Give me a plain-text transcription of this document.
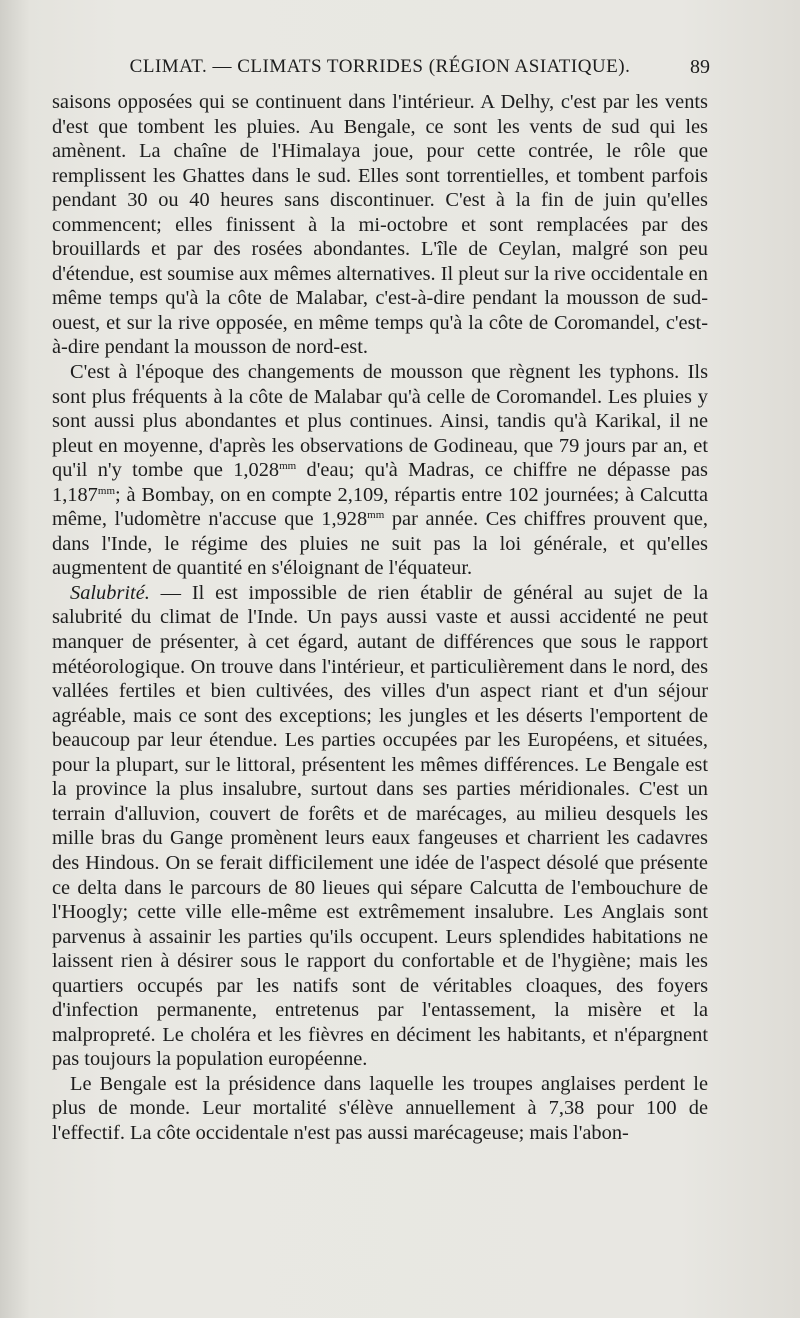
CLIMAT. — CLIMATS TORRIDES (RÉGION ASIATIQUE).	89

saisons opposées qui se continuent dans l'intérieur. A Delhy, c'est par les vents d'est que tombent les pluies. Au Bengale, ce sont les vents de sud qui les amènent. La chaîne de l'Himalaya joue, pour cette contrée, le rôle que remplissent les Ghattes dans le sud. Elles sont torrentielles, et tombent parfois pendant 30 ou 40 heures sans discontinuer. C'est à la fin de juin qu'elles commencent; elles finissent à la mi-octobre et sont remplacées par des brouillards et par des rosées abondantes. L'île de Ceylan, malgré son peu d'étendue, est soumise aux mêmes alternatives. Il pleut sur la rive occidentale en même temps qu'à la côte de Malabar, c'est-à-dire pendant la mousson de sud-ouest, et sur la rive opposée, en même temps qu'à la côte de Coromandel, c'est-à-dire pendant la mousson de nord-est.

C'est à l'époque des changements de mousson que règnent les typhons. Ils sont plus fréquents à la côte de Malabar qu'à celle de Coromandel. Les pluies y sont aussi plus abondantes et plus continues. Ainsi, tandis qu'à Karikal, il ne pleut en moyenne, d'après les observations de Godineau, que 79 jours par an, et qu'il n'y tombe que $1,028^{mm}$ d'eau; qu'à Madras, ce chiffre ne dépasse pas $1,187^{mm}$; à Bombay, on en compte 2,109, répartis entre 102 journées; à Calcutta même, l'udomètre n'accuse que $1,928^{mm}$ par année. Ces chiffres prouvent que, dans l'Inde, le régime des pluies ne suit pas la loi générale, et qu'elles augmentent de quantité en s'éloignant de l'équateur.

Salubrité. — Il est impossible de rien établir de général au sujet de la salubrité du climat de l'Inde. Un pays aussi vaste et aussi accidenté ne peut manquer de présenter, à cet égard, autant de différences que sous le rapport météorologique. On trouve dans l'intérieur, et particulièrement dans le nord, des vallées fertiles et bien cultivées, des villes d'un aspect riant et d'un séjour agréable, mais ce sont des exceptions; les jungles et les déserts l'emportent de beaucoup par leur étendue. Les parties occupées par les Européens, et situées, pour la plupart, sur le littoral, présentent les mêmes différences. Le Bengale est la province la plus insalubre, surtout dans ses parties méridionales. C'est un terrain d'alluvion, couvert de forêts et de marécages, au milieu desquels les mille bras du Gange promènent leurs eaux fangeuses et charrient les cadavres des Hindous. On se ferait difficilement une idée de l'aspect désolé que présente ce delta dans le parcours de 80 lieues qui sépare Calcutta de l'embouchure de l'Hoogly; cette ville elle-même est extrêmement insalubre. Les Anglais sont parvenus à assainir les parties qu'ils occupent. Leurs splendides habitations ne laissent rien à désirer sous le rapport du confortable et de l'hygiène; mais les quartiers occupés par les natifs sont de véritables cloaques, des foyers d'infection permanente, entretenus par l'entassement, la misère et la malpropreté. Le choléra et les fièvres en déciment les habitants, et n'épargnent pas toujours la population européenne.

Le Bengale est la présidence dans laquelle les troupes anglaises perdent le plus de monde. Leur mortalité s'élève annuellement à 7,38 pour 100 de l'effectif. La côte occidentale n'est pas aussi marécageuse; mais l'abon-
